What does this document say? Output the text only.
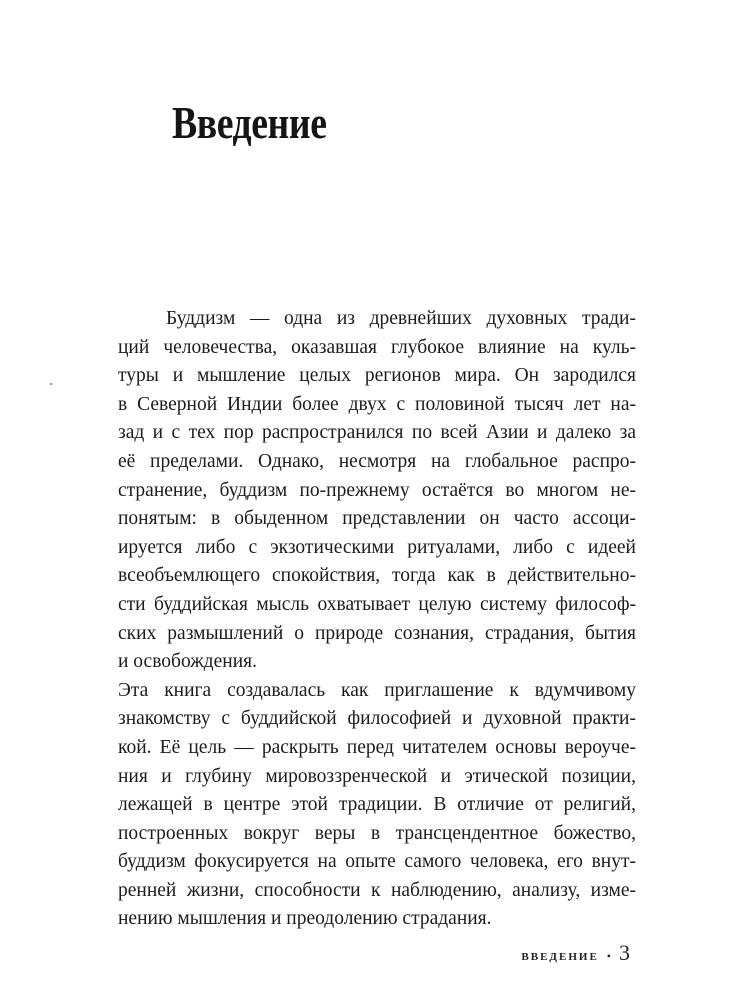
Введение
Буддизм — одна из древнейших духовных тради-
ций человечества, оказавшая глубокое влияние на куль-
туры и мышление целых регионов мира. Он зародился
в Северной Индии более двух с половиной тысяч лет на-
зад и с тех пор распространился по всей Азии и далеко за
её пределами. Однако, несмотря на глобальное распро-
странение, буддизм по-прежнему остаётся во многом не-
понятым: в обыденном представлении он часто ассоци-
ируется либо с экзотическими ритуалами, либо с идеей
всеобъемлющего спокойствия, тогда как в действительно-
сти буддийская мысль охватывает целую систему философ-
ских размышлений о природе сознания, страдания, бытия
и освобождения.
Эта книга создавалась как приглашение к вдумчивому
знакомству с буддийской философией и духовной практи-
кой. Её цель — раскрыть перед читателем основы вероуче-
ния и глубину мировоззренческой и этической позиции,
лежащей в центре этой традиции. В отличие от религий,
построенных вокруг веры в трансцендентное божество,
буддизм фокусируется на опыте самого человека, его внут-
ренней жизни, способности к наблюдению, анализу, изме-
нению мышления и преодолению страдания.
ВВЕДЕНИЕ • 3
